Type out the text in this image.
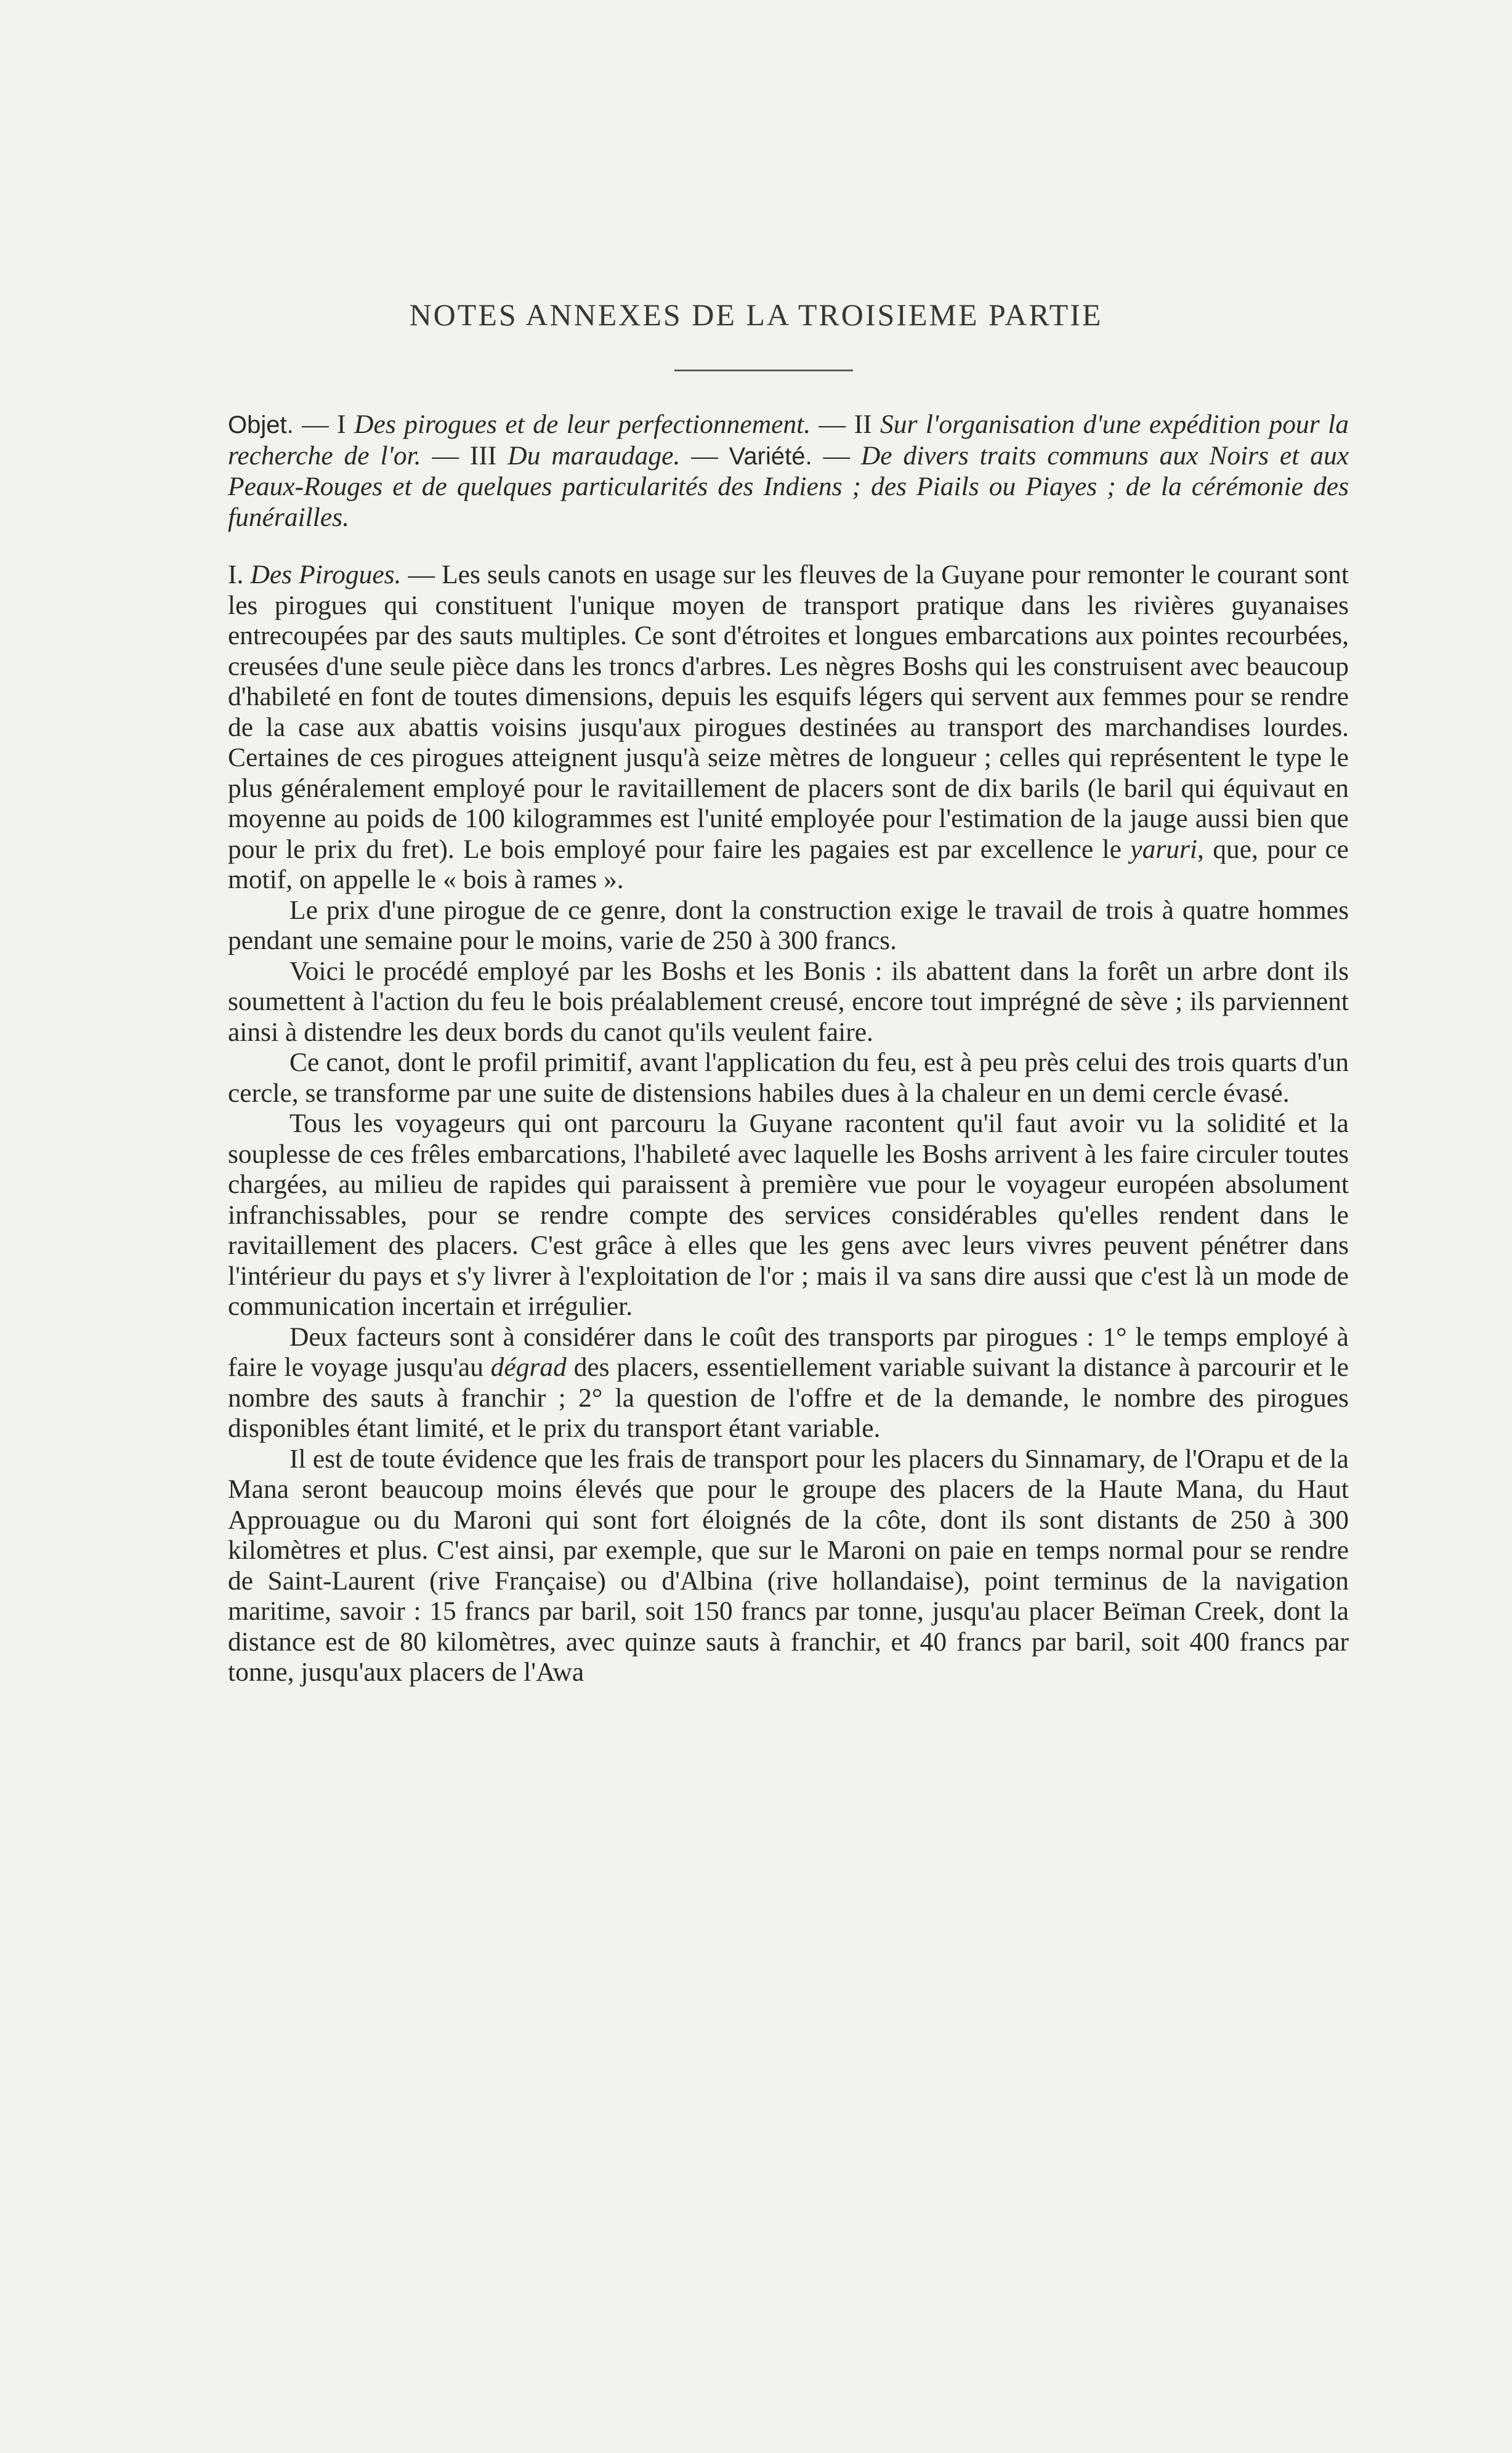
NOTES ANNEXES DE LA TROISIEME PARTIE

Objet. — I Des pirogues et de leur perfectionnement. — II Sur l'organisation d'une expédition pour la recherche de l'or. — III Du maraudage. — Variété. — De divers traits communs aux Noirs et aux Peaux-Rouges et de quelques particularités des Indiens ; des Piails ou Piayes ; de la cérémonie des funérailles.

I. Des Pirogues. — Les seuls canots en usage sur les fleuves de la Guyane pour remonter le courant sont les pirogues qui constituent l'unique moyen de transport pratique dans les rivières guyanaises entrecoupées par des sauts multiples. Ce sont d'étroites et longues embarcations aux pointes recourbées, creusées d'une seule pièce dans les troncs d'arbres. Les nègres Boshs qui les construisent avec beaucoup d'habileté en font de toutes dimensions, depuis les esquifs légers qui servent aux femmes pour se rendre de la case aux abattis voisins jusqu'aux pirogues destinées au transport des marchandises lourdes. Certaines de ces pirogues atteignent jusqu'à seize mètres de longueur ; celles qui représentent le type le plus généralement employé pour le ravitaillement de placers sont de dix barils (le baril qui équivaut en moyenne au poids de 100 kilogrammes est l'unité employée pour l'estimation de la jauge aussi bien que pour le prix du fret). Le bois employé pour faire les pagaies est par excellence le yaruri, que, pour ce motif, on appelle le « bois à rames ».

Le prix d'une pirogue de ce genre, dont la construction exige le travail de trois à quatre hommes pendant une semaine pour le moins, varie de 250 à 300 francs.

Voici le procédé employé par les Boshs et les Bonis : ils abattent dans la forêt un arbre dont ils soumettent à l'action du feu le bois préalablement creusé, encore tout imprégné de sève ; ils parviennent ainsi à distendre les deux bords du canot qu'ils veulent faire.

Ce canot, dont le profil primitif, avant l'application du feu, est à peu près celui des trois quarts d'un cercle, se transforme par une suite de distensions habiles dues à la chaleur en un demi cercle évasé.

Tous les voyageurs qui ont parcouru la Guyane racontent qu'il faut avoir vu la solidité et la souplesse de ces frêles embarcations, l'habileté avec laquelle les Boshs arrivent à les faire circuler toutes chargées, au milieu de rapides qui paraissent à première vue pour le voyageur européen absolument infranchissables, pour se rendre compte des services considérables qu'elles rendent dans le ravitaillement des placers. C'est grâce à elles que les gens avec leurs vivres peuvent pénétrer dans l'intérieur du pays et s'y livrer à l'exploitation de l'or ; mais il va sans dire aussi que c'est là un mode de communication incertain et irrégulier.

Deux facteurs sont à considérer dans le coût des transports par pirogues : 1° le temps employé à faire le voyage jusqu'au dégrad des placers, essentiellement variable suivant la distance à parcourir et le nombre des sauts à franchir ; 2° la question de l'offre et de la demande, le nombre des pirogues disponibles étant limité, et le prix du transport étant variable.

Il est de toute évidence que les frais de transport pour les placers du Sinnamary, de l'Orapu et de la Mana seront beaucoup moins élevés que pour le groupe des placers de la Haute Mana, du Haut Approuague ou du Maroni qui sont fort éloignés de la côte, dont ils sont distants de 250 à 300 kilomètres et plus. C'est ainsi, par exemple, que sur le Maroni on paie en temps normal pour se rendre de Saint-Laurent (rive Française) ou d'Albina (rive hollandaise), point terminus de la navigation maritime, savoir : 15 francs par baril, soit 150 francs par tonne, jusqu'au placer Beïman Creek, dont la distance est de 80 kilomètres, avec quinze sauts à franchir, et 40 francs par baril, soit 400 francs par tonne, jusqu'aux placers de l'Awa
